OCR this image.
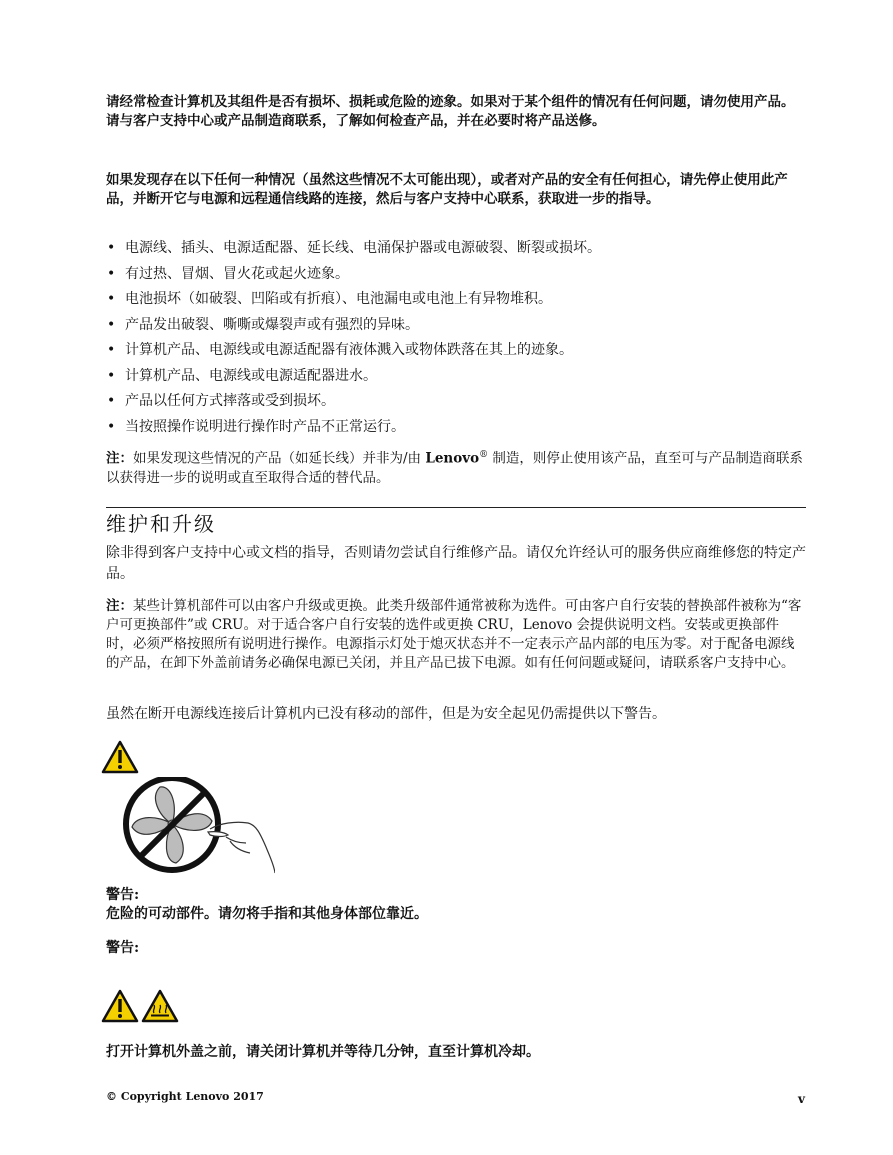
请经常检查计算机及其组件是否有损坏、损耗或危险的迹象。如果对于某个组件的情况有任何问题，请勿使用产品。请与客户支持中心或产品制造商联系，了解如何检查产品，并在必要时将产品送修。

如果发现存在以下任何一种情况（虽然这些情况不太可能出现），或者对产品的安全有任何担心，请先停止使用此产品，并断开它与电源和远程通信线路的连接，然后与客户支持中心联系，获取进一步的指导。

• 电源线、插头、电源适配器、延长线、电涌保护器或电源破裂、断裂或损坏。
• 有过热、冒烟、冒火花或起火迹象。
• 电池损坏（如破裂、凹陷或有折痕）、电池漏电或电池上有异物堆积。
• 产品发出破裂、嘶嘶或爆裂声或有强烈的异味。
• 计算机产品、电源线或电源适配器有液体溅入或物体跌落在其上的迹象。
• 计算机产品、电源线或电源适配器进水。
• 产品以任何方式摔落或受到损坏。
• 当按照操作说明进行操作时产品不正常运行。

注：如果发现这些情况的产品（如延长线）并非为/由 Lenovo® 制造，则停止使用该产品，直至可与产品制造商联系以获得进一步的说明或直至取得合适的替代品。

维护和升级

除非得到客户支持中心或文档的指导，否则请勿尝试自行维修产品。请仅允许经认可的服务供应商维修您的特定产品。

注：某些计算机部件可以由客户升级或更换。此类升级部件通常被称为选件。可由客户自行安装的替换部件被称为“客户可更换部件”或 CRU。对于适合客户自行安装的选件或更换 CRU，Lenovo 会提供说明文档。安装或更换部件时，必须严格按照所有说明进行操作。电源指示灯处于熄灭状态并不一定表示产品内部的电压为零。对于配备电源线的产品，在卸下外盖前请务必确保电源已关闭，并且产品已拔下电源。如有任何问题或疑问，请联系客户支持中心。

虽然在断开电源线连接后计算机内已没有移动的部件，但是为安全起见仍需提供以下警告。

警告:

危险的可动部件。请勿将手指和其他身体部位靠近。

警告:

打开计算机外盖之前，请关闭计算机并等待几分钟，直至计算机冷却。

© Copyright Lenovo 2017	v
